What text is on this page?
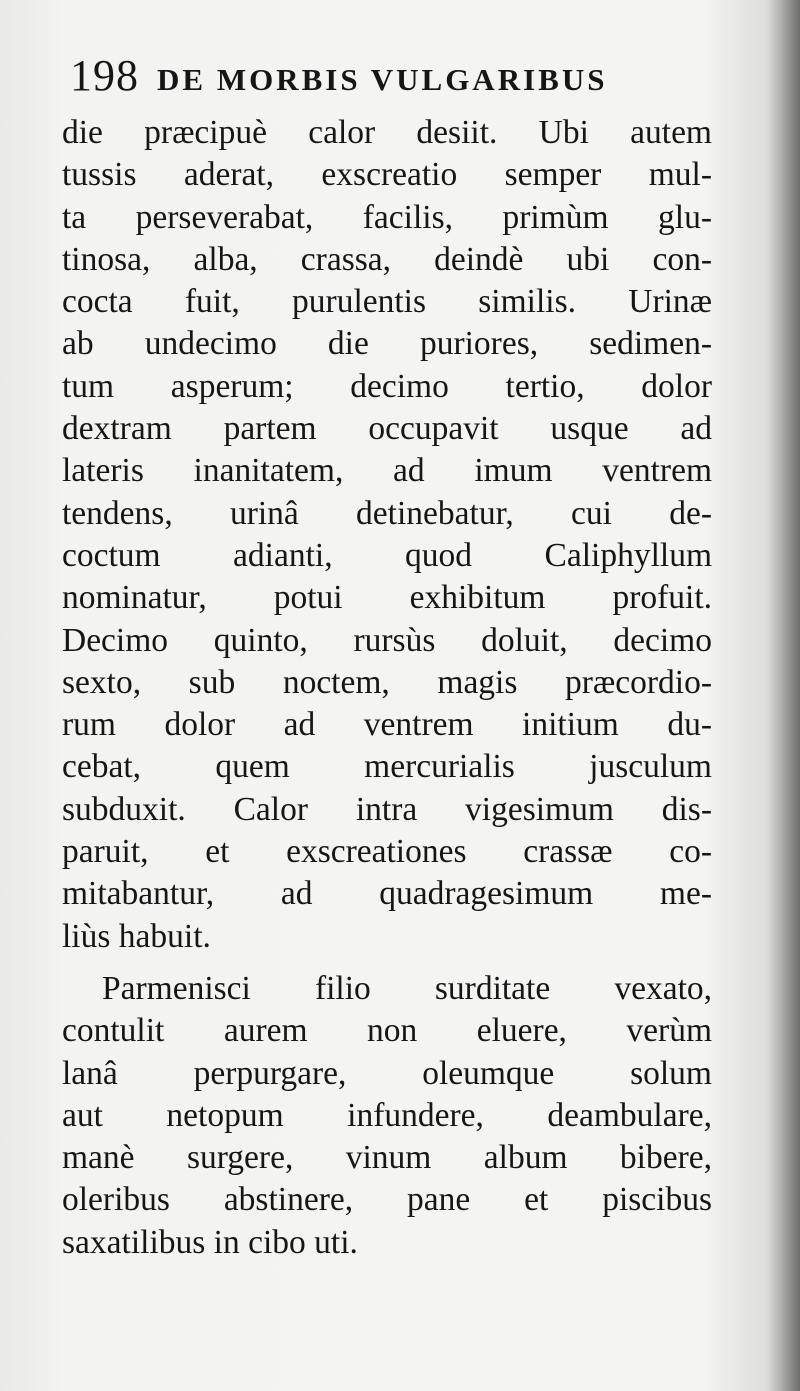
198 DE MORBIS VULGARIBUS
die præcipuè calor desiit. Ubi autem
tussis aderat, exscreatio semper mul-
ta perseverabat, facilis, primùm glu-
tinosa, alba, crassa, deindè ubi con-
cocta fuit, purulentis similis. Urinæ
ab undecimo die puriores, sedimen-
tum asperum; decimo tertio, dolor
dextram partem occupavit usque ad
lateris inanitatem, ad imum ventrem
tendens, urinâ detinebatur, cui de-
coctum adianti, quod Caliphyllum
nominatur, potui exhibitum profuit.
Decimo quinto, rursùs doluit, decimo
sexto, sub noctem, magis præcordio-
rum dolor ad ventrem initium du-
cebat, quem mercurialis jusculum
subduxit. Calor intra vigesimum dis-
paruit, et exscreationes crassæ co-
mitabantur, ad quadragesimum me-
liùs habuit.
Parmenisci filio surditate vexato,
contulit aurem non eluere, verùm
lanâ perpurgare, oleumque solum
aut netopum infundere, deambulare,
manè surgere, vinum album bibere,
oleribus abstinere, pane et piscibus
saxatilibus in cibo uti.
